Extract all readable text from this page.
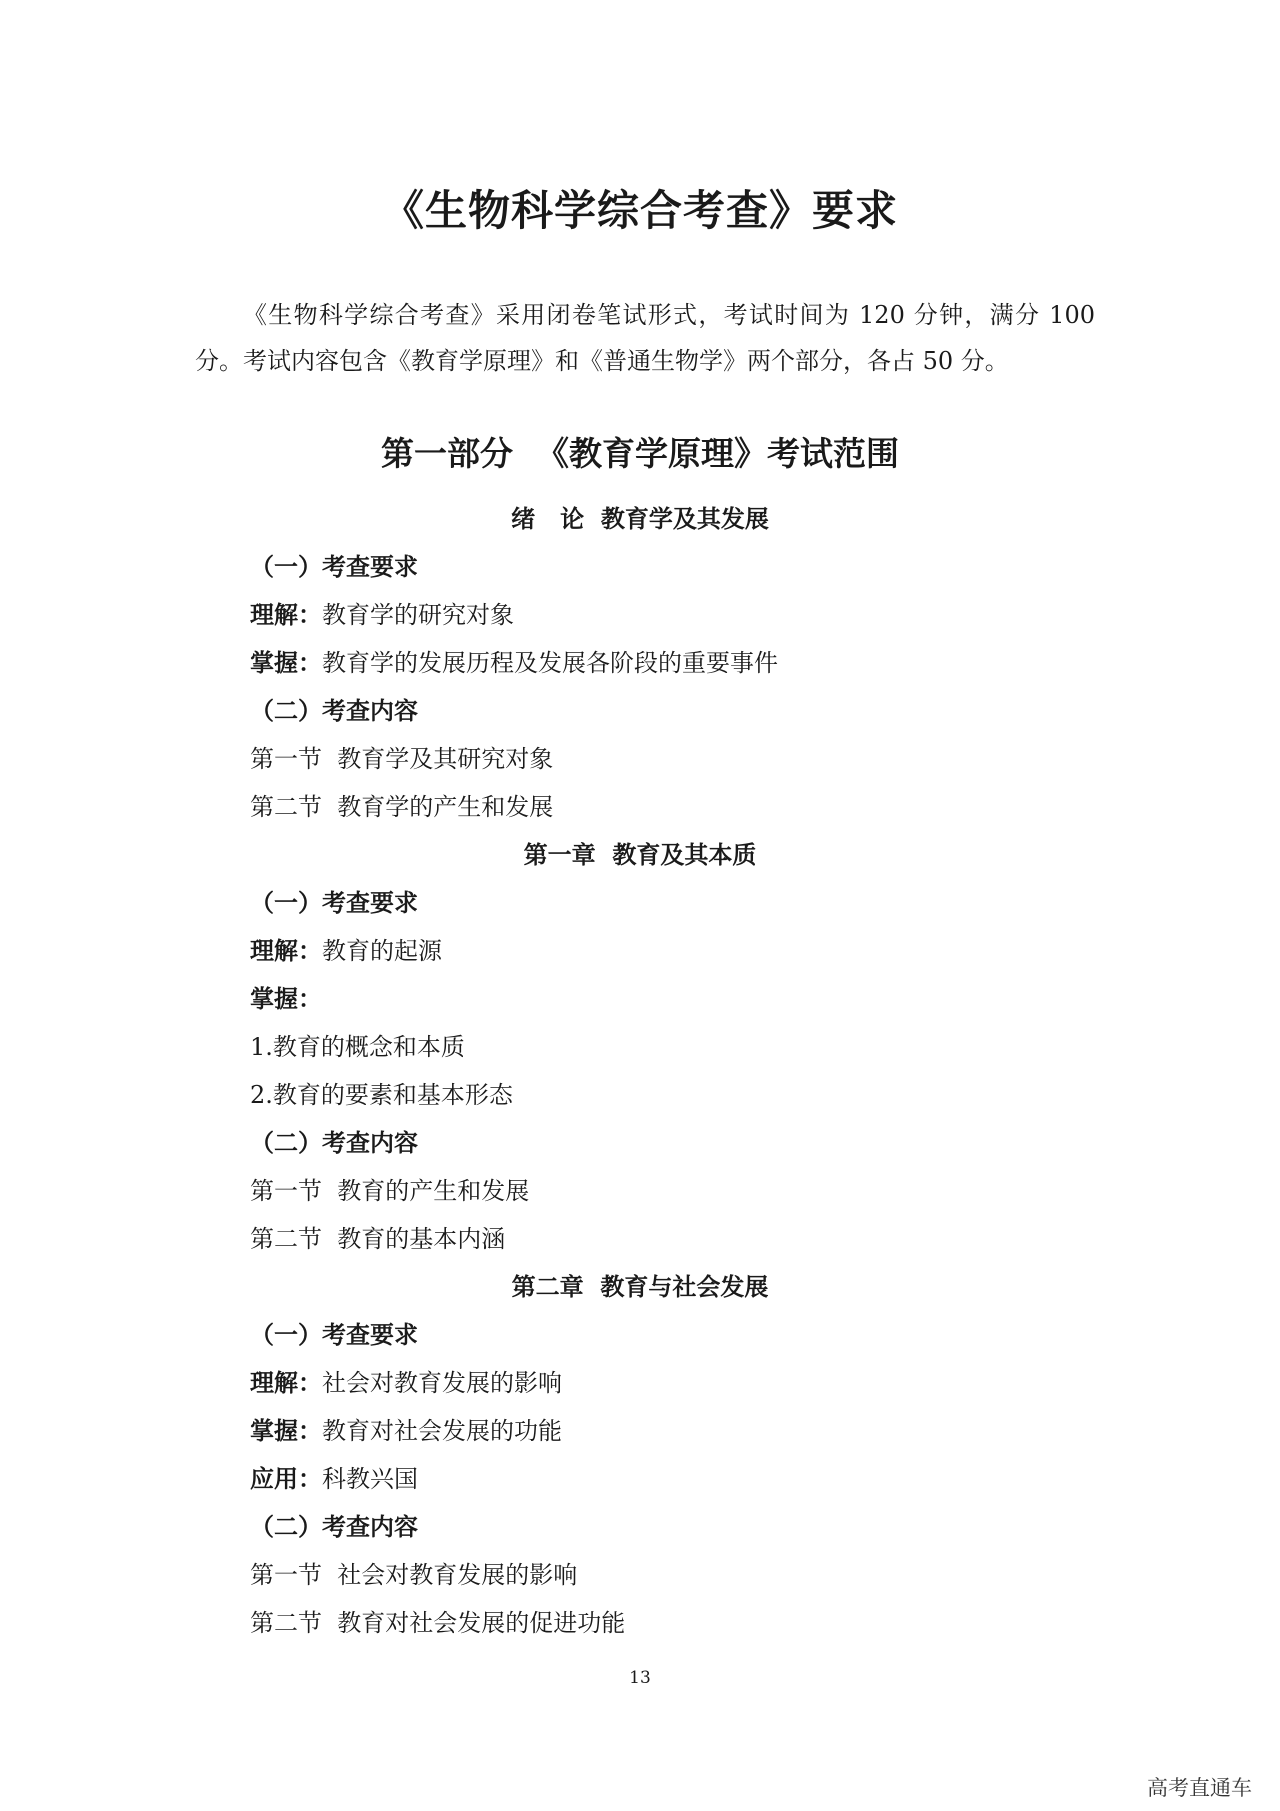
《生物科学综合考查》要求
《生物科学综合考查》采用闭卷笔试形式，考试时间为 120 分钟，满分 100 分。考试内容包含《教育学原理》和《普通生物学》两个部分，各占 50 分。
第一部分  《教育学原理》考试范围
绪   论  教育学及其发展
（一）考查要求
理解：教育学的研究对象
掌握：教育学的发展历程及发展各阶段的重要事件
（二）考查内容
第一节  教育学及其研究对象
第二节  教育学的产生和发展
第一章  教育及其本质
（一）考查要求
理解：教育的起源
掌握：
1.教育的概念和本质
2.教育的要素和基本形态
（二）考查内容
第一节  教育的产生和发展
第二节  教育的基本内涵
第二章  教育与社会发展
（一）考查要求
理解：社会对教育发展的影响
掌握：教育对社会发展的功能
应用：科教兴国
（二）考查内容
第一节  社会对教育发展的影响
第二节  教育对社会发展的促进功能
13
高考直通车
